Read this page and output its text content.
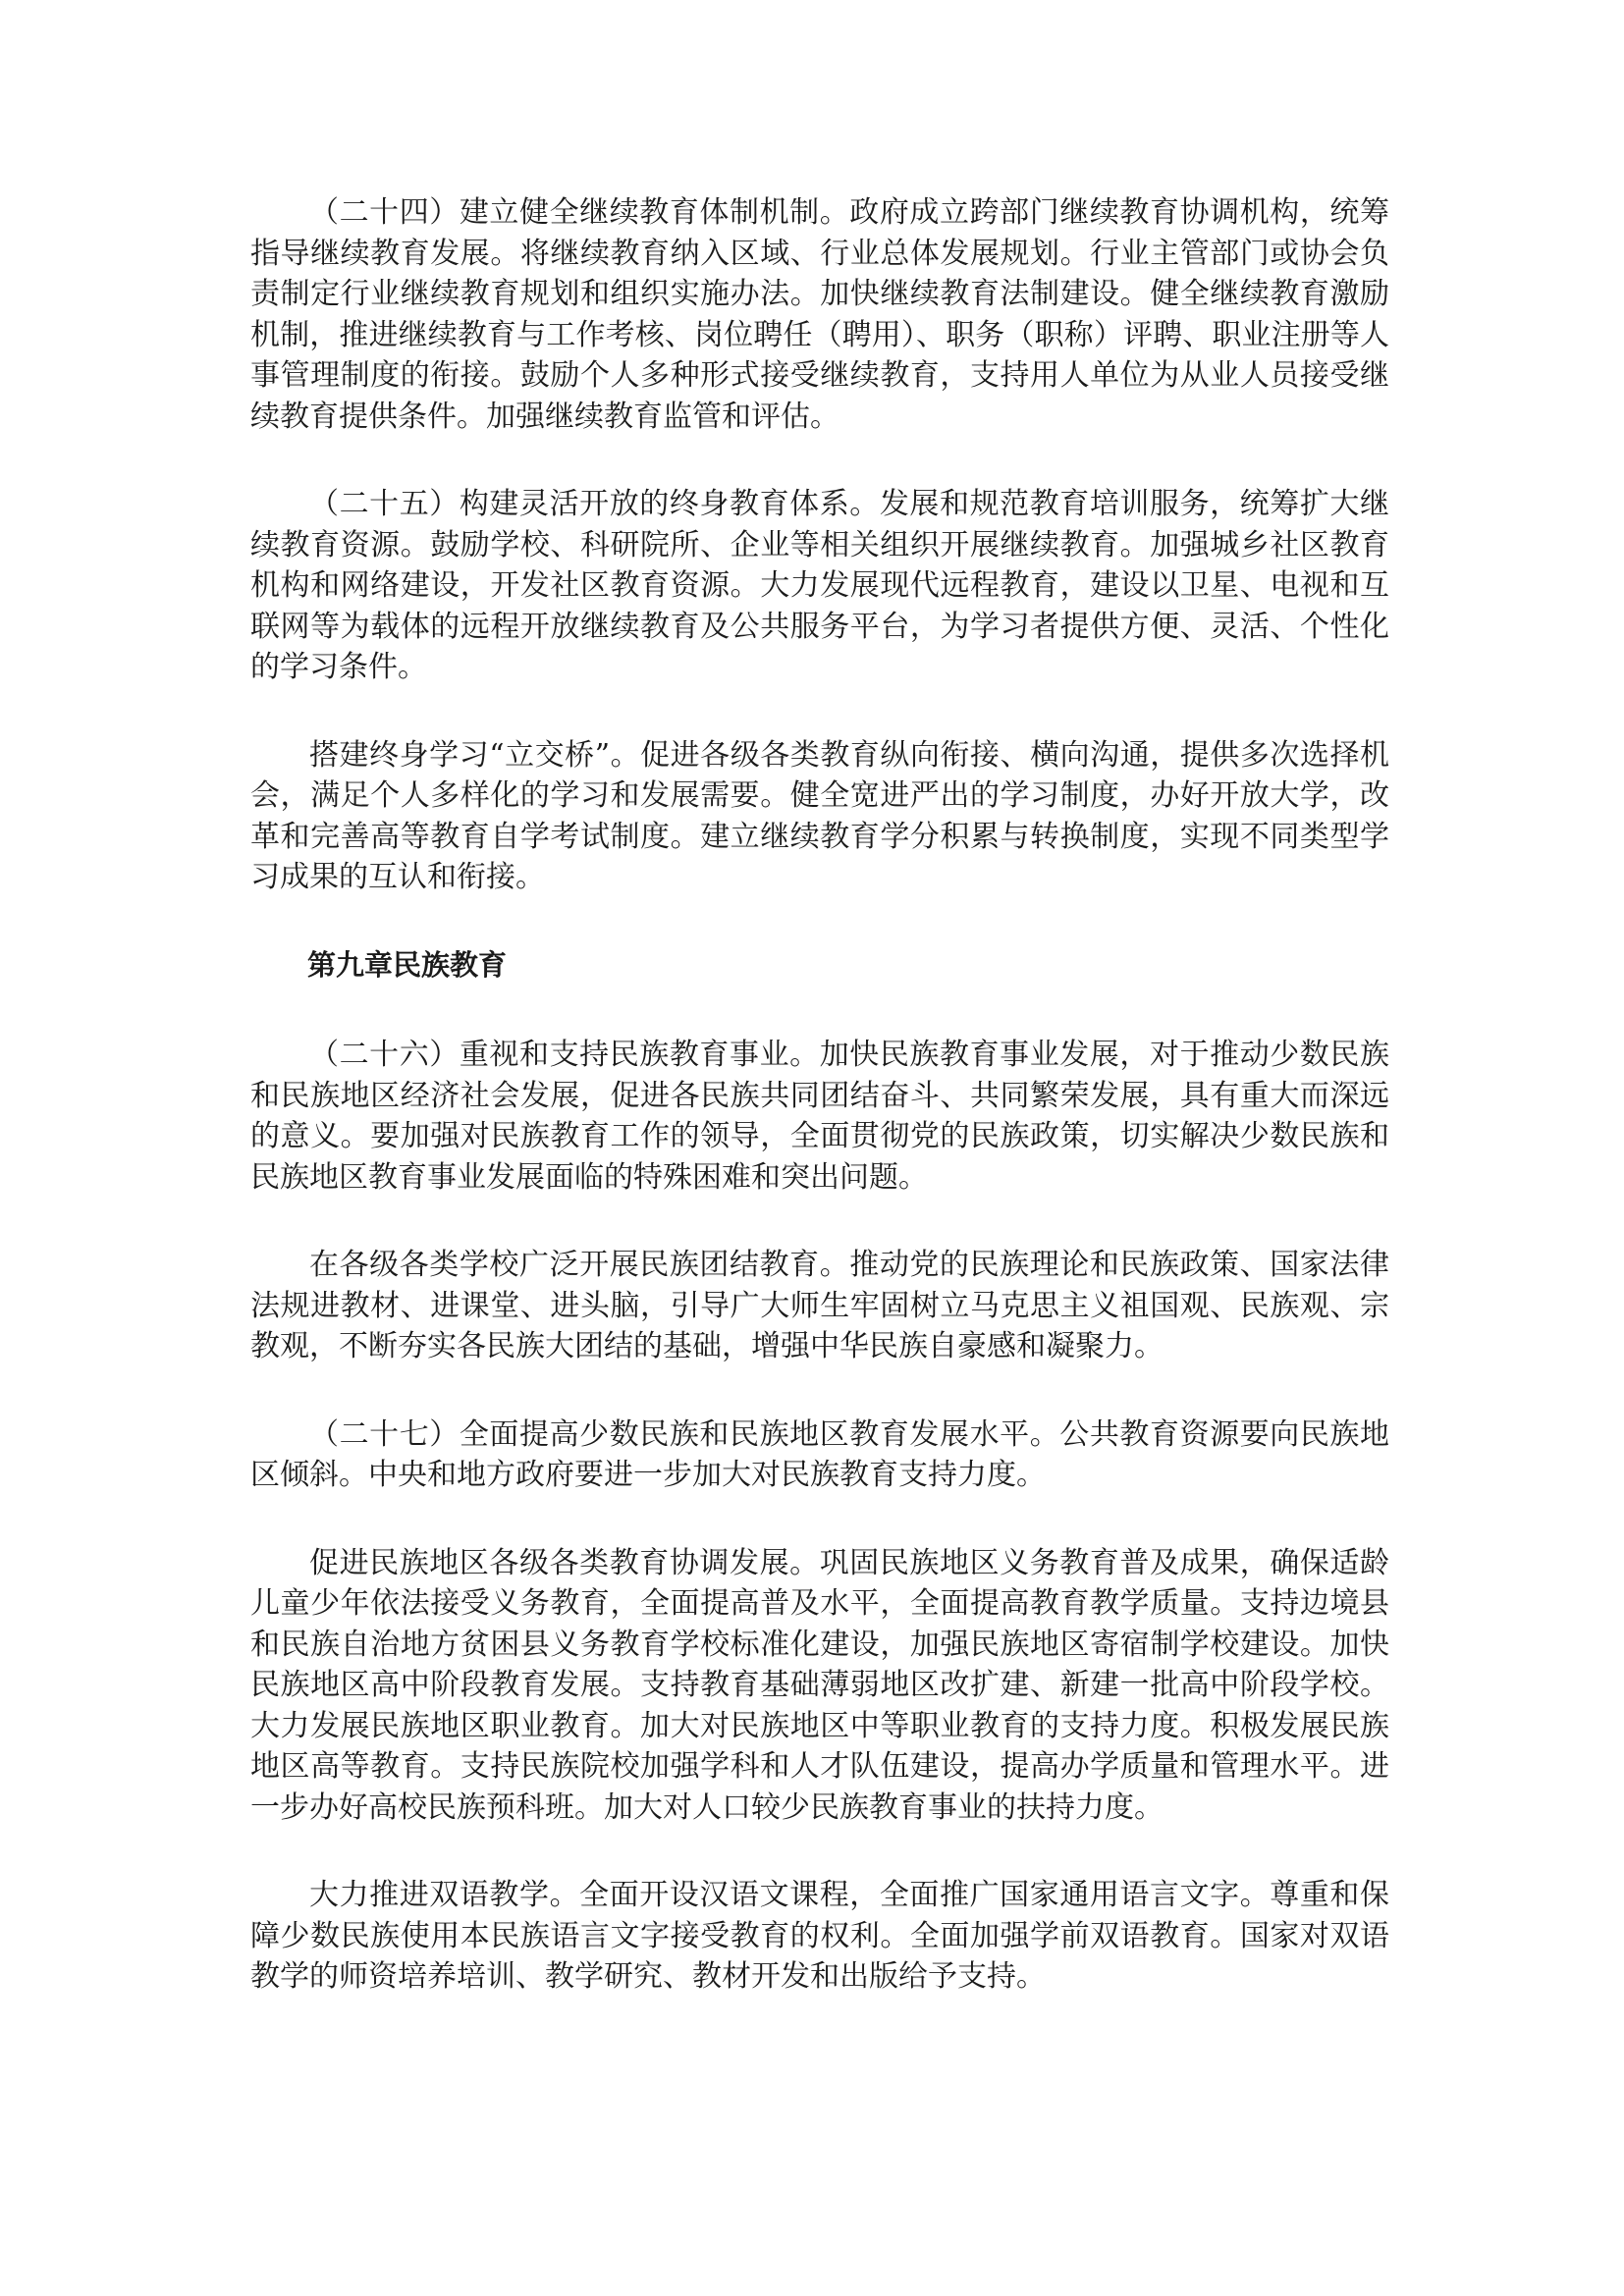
（二十四）建立健全继续教育体制机制。政府成立跨部门继续教育协调机构，统筹指导继续教育发展。将继续教育纳入区域、行业总体发展规划。行业主管部门或协会负责制定行业继续教育规划和组织实施办法。加快继续教育法制建设。健全继续教育激励机制，推进继续教育与工作考核、岗位聘任（聘用）、职务（职称）评聘、职业注册等人事管理制度的衔接。鼓励个人多种形式接受继续教育，支持用人单位为从业人员接受继续教育提供条件。加强继续教育监管和评估。

（二十五）构建灵活开放的终身教育体系。发展和规范教育培训服务，统筹扩大继续教育资源。鼓励学校、科研院所、企业等相关组织开展继续教育。加强城乡社区教育机构和网络建设，开发社区教育资源。大力发展现代远程教育，建设以卫星、电视和互联网等为载体的远程开放继续教育及公共服务平台，为学习者提供方便、灵活、个性化的学习条件。

搭建终身学习“立交桥”。促进各级各类教育纵向衔接、横向沟通，提供多次选择机会，满足个人多样化的学习和发展需要。健全宽进严出的学习制度，办好开放大学，改革和完善高等教育自学考试制度。建立继续教育学分积累与转换制度，实现不同类型学习成果的互认和衔接。

第九章民族教育

（二十六）重视和支持民族教育事业。加快民族教育事业发展，对于推动少数民族和民族地区经济社会发展，促进各民族共同团结奋斗、共同繁荣发展，具有重大而深远的意义。要加强对民族教育工作的领导，全面贯彻党的民族政策，切实解决少数民族和民族地区教育事业发展面临的特殊困难和突出问题。

在各级各类学校广泛开展民族团结教育。推动党的民族理论和民族政策、国家法律法规进教材、进课堂、进头脑，引导广大师生牢固树立马克思主义祖国观、民族观、宗教观，不断夯实各民族大团结的基础，增强中华民族自豪感和凝聚力。

（二十七）全面提高少数民族和民族地区教育发展水平。公共教育资源要向民族地区倾斜。中央和地方政府要进一步加大对民族教育支持力度。

促进民族地区各级各类教育协调发展。巩固民族地区义务教育普及成果，确保适龄儿童少年依法接受义务教育，全面提高普及水平，全面提高教育教学质量。支持边境县和民族自治地方贫困县义务教育学校标准化建设，加强民族地区寄宿制学校建设。加快民族地区高中阶段教育发展。支持教育基础薄弱地区改扩建、新建一批高中阶段学校。大力发展民族地区职业教育。加大对民族地区中等职业教育的支持力度。积极发展民族地区高等教育。支持民族院校加强学科和人才队伍建设，提高办学质量和管理水平。进一步办好高校民族预科班。加大对人口较少民族教育事业的扶持力度。

大力推进双语教学。全面开设汉语文课程，全面推广国家通用语言文字。尊重和保障少数民族使用本民族语言文字接受教育的权利。全面加强学前双语教育。国家对双语教学的师资培养培训、教学研究、教材开发和出版给予支持。
